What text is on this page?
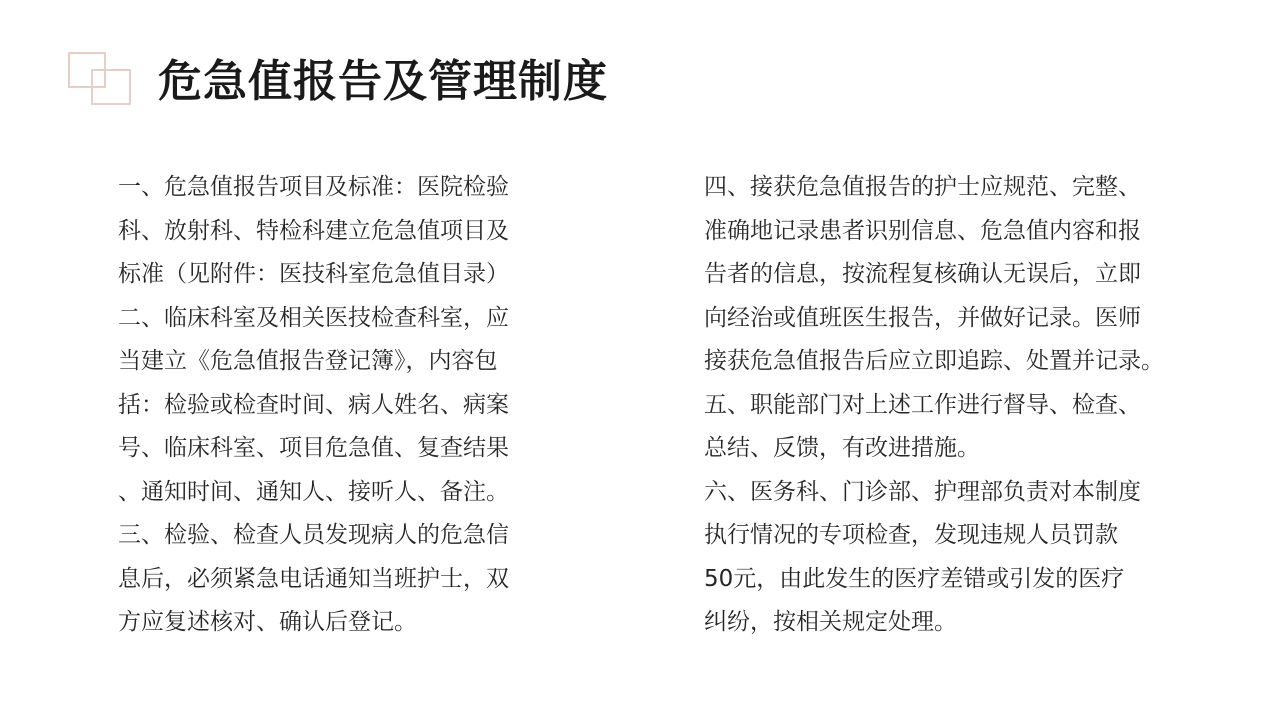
危急值报告及管理制度
一、危急值报告项目及标准：医院检验
科、放射科、特检科建立危急值项目及
标准（见附件：医技科室危急值目录）
二、临床科室及相关医技检查科室，应
当建立《危急值报告登记簿》，内容包
括：检验或检查时间、病人姓名、病案
号、临床科室、项目危急值、复查结果
、通知时间、通知人、接听人、备注。
三、检验、检查人员发现病人的危急信
息后，必须紧急电话通知当班护士，双
方应复述核对、确认后登记。
四、接获危急值报告的护士应规范、完整、
准确地记录患者识别信息、危急值内容和报
告者的信息，按流程复核确认无误后，立即
向经治或值班医生报告，并做好记录。医师
接获危急值报告后应立即追踪、处置并记录。
五、职能部门对上述工作进行督导、检查、
总结、反馈，有改进措施。
六、医务科、门诊部、护理部负责对本制度
执行情况的专项检查，发现违规人员罚款
50元，由此发生的医疗差错或引发的医疗
纠纷，按相关规定处理。
